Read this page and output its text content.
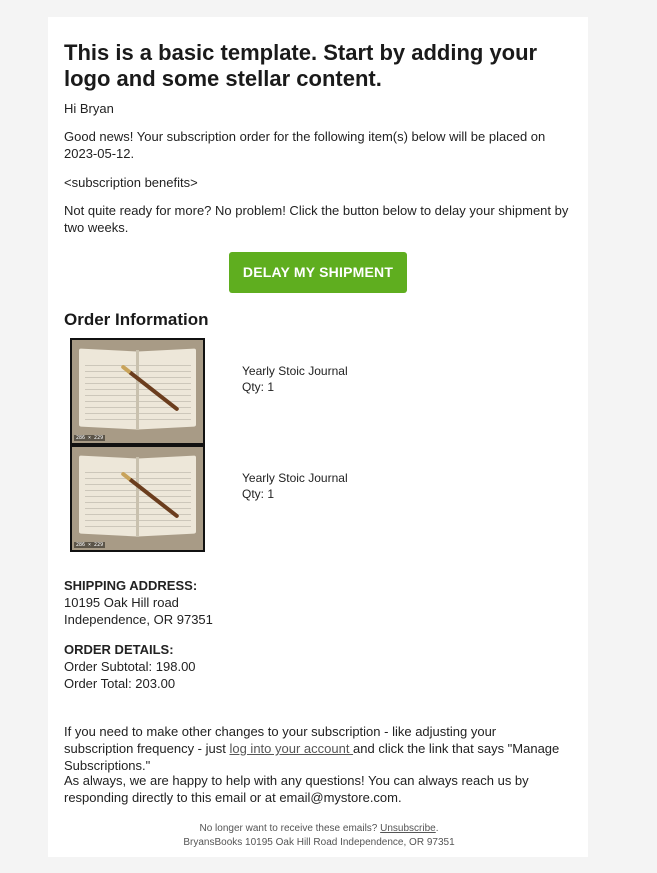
This is a basic template. Start by adding your logo and some stellar content.

Hi Bryan

Good news! Your subscription order for the following item(s) below will be placed on 2023-05-12.

<subscription benefits>

Not quite ready for more? No problem! Click the button below to delay your shipment by two weeks.

DELAY MY SHIPMENT
Order Information
286 × 229
Yearly Stoic Journal
Qty: 1
286 × 229
Yearly Stoic Journal
Qty: 1
SHIPPING ADDRESS:
10195 Oak Hill road
Independence, OR 97351
ORDER DETAILS:
Order Subtotal: 198.00
Order Total: 203.00

If you need to make other changes to your subscription - like adjusting your subscription frequency - just log into your account and click the link that says "Manage Subscriptions."

As always, we are happy to help with any questions! You can always reach us by responding directly to this email or at email@mystore.com.

No longer want to receive these emails? Unsubscribe.
BryansBooks 10195 Oak Hill Road Independence, OR 97351
